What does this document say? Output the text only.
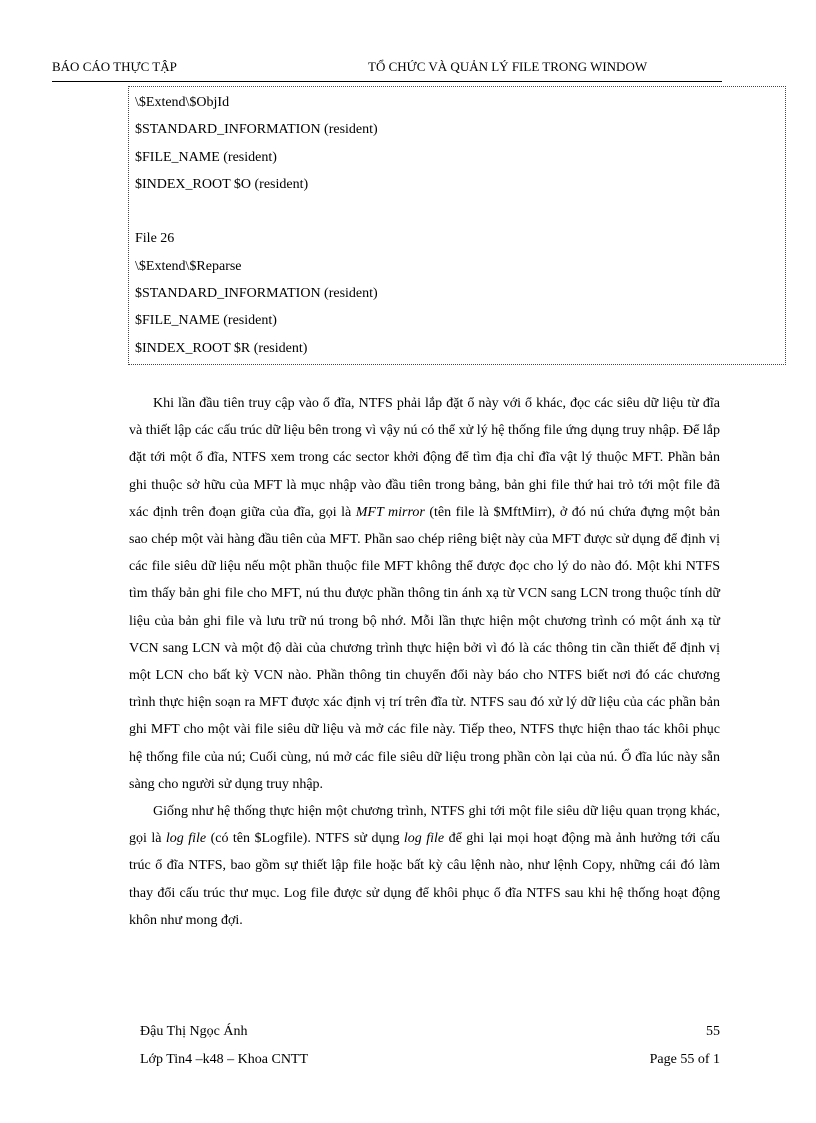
BÁO CÁO THỰC TẬP	TỔ CHỨC VÀ QUẢN LÝ FILE TRONG WINDOW
\$Extend\$ObjId
$STANDARD_INFORMATION (resident)
$FILE_NAME (resident)
$INDEX_ROOT $O (resident)
File 26
\$Extend\$Reparse
$STANDARD_INFORMATION (resident)
$FILE_NAME (resident)
$INDEX_ROOT $R (resident)

Khi lần đầu tiên truy cập vào ổ đĩa, NTFS phải lắp đặt ổ này với ổ khác, đọc các siêu dữ liệu từ đĩa và thiết lập các cấu trúc dữ liệu bên trong vì vậy nú có thể xử lý hệ thống file ứng dụng truy nhập. Để lắp đặt tới một ổ đĩa, NTFS xem trong các sector khởi động để tìm địa chỉ đĩa vật lý thuộc MFT. Phần bản ghi thuộc sở hữu của MFT là mục nhập vào đầu tiên trong bảng, bản ghi file thứ hai trỏ tới một file đã xác định trên đoạn giữa của đĩa, gọi là MFT mirror (tên file là $MftMirr), ở đó nú chứa đựng một bản sao chép một vài hàng đầu tiên của MFT. Phần sao chép riêng biệt này của MFT được sử dụng để định vị các file siêu dữ liệu nếu một phần thuộc file MFT không thể được đọc cho lý do nào đó. Một khi NTFS tìm thấy bản ghi file cho MFT, nú thu được phần thông tin ánh xạ từ VCN sang LCN trong thuộc tính dữ liệu của bản ghi file và lưu trữ nú trong bộ nhớ. Mỗi lần thực hiện một chương trình có một ánh xạ từ VCN sang LCN và một độ dài của chương trình thực hiện bởi vì đó là các thông tin cần thiết để định vị một LCN cho bất kỳ VCN nào. Phần thông tin chuyển đổi này báo cho NTFS biết nơi đó các chương trình thực hiện soạn ra MFT được xác định vị trí trên đĩa từ. NTFS sau đó xử lý dữ liệu của các phần bản ghi MFT cho một vài file siêu dữ liệu và mở các file này. Tiếp theo, NTFS thực hiện thao tác khôi phục hệ thống file của nú; Cuối cùng, nú mở các file siêu dữ liệu trong phần còn lại của nú. Ổ đĩa lúc này sẵn sàng cho người sử dụng truy nhập.

Giống như hệ thống thực hiện một chương trình, NTFS ghi tới một file siêu dữ liệu quan trọng khác, gọi là log file (có tên $Logfile). NTFS sử dụng log file để ghi lại mọi hoạt động mà ảnh hưởng tới cấu trúc ổ đĩa NTFS, bao gồm sự thiết lập file hoặc bất kỳ câu lệnh nào, như lệnh Copy, những cái đó làm thay đổi cấu trúc thư mục. Log file được sử dụng để khôi phục ổ đĩa NTFS sau khi hệ thống hoạt động khôn như mong đợi.

Đậu Thị Ngọc Ánh	55
Lớp Tin4 –k48 – Khoa CNTT	Page 55 of 1
